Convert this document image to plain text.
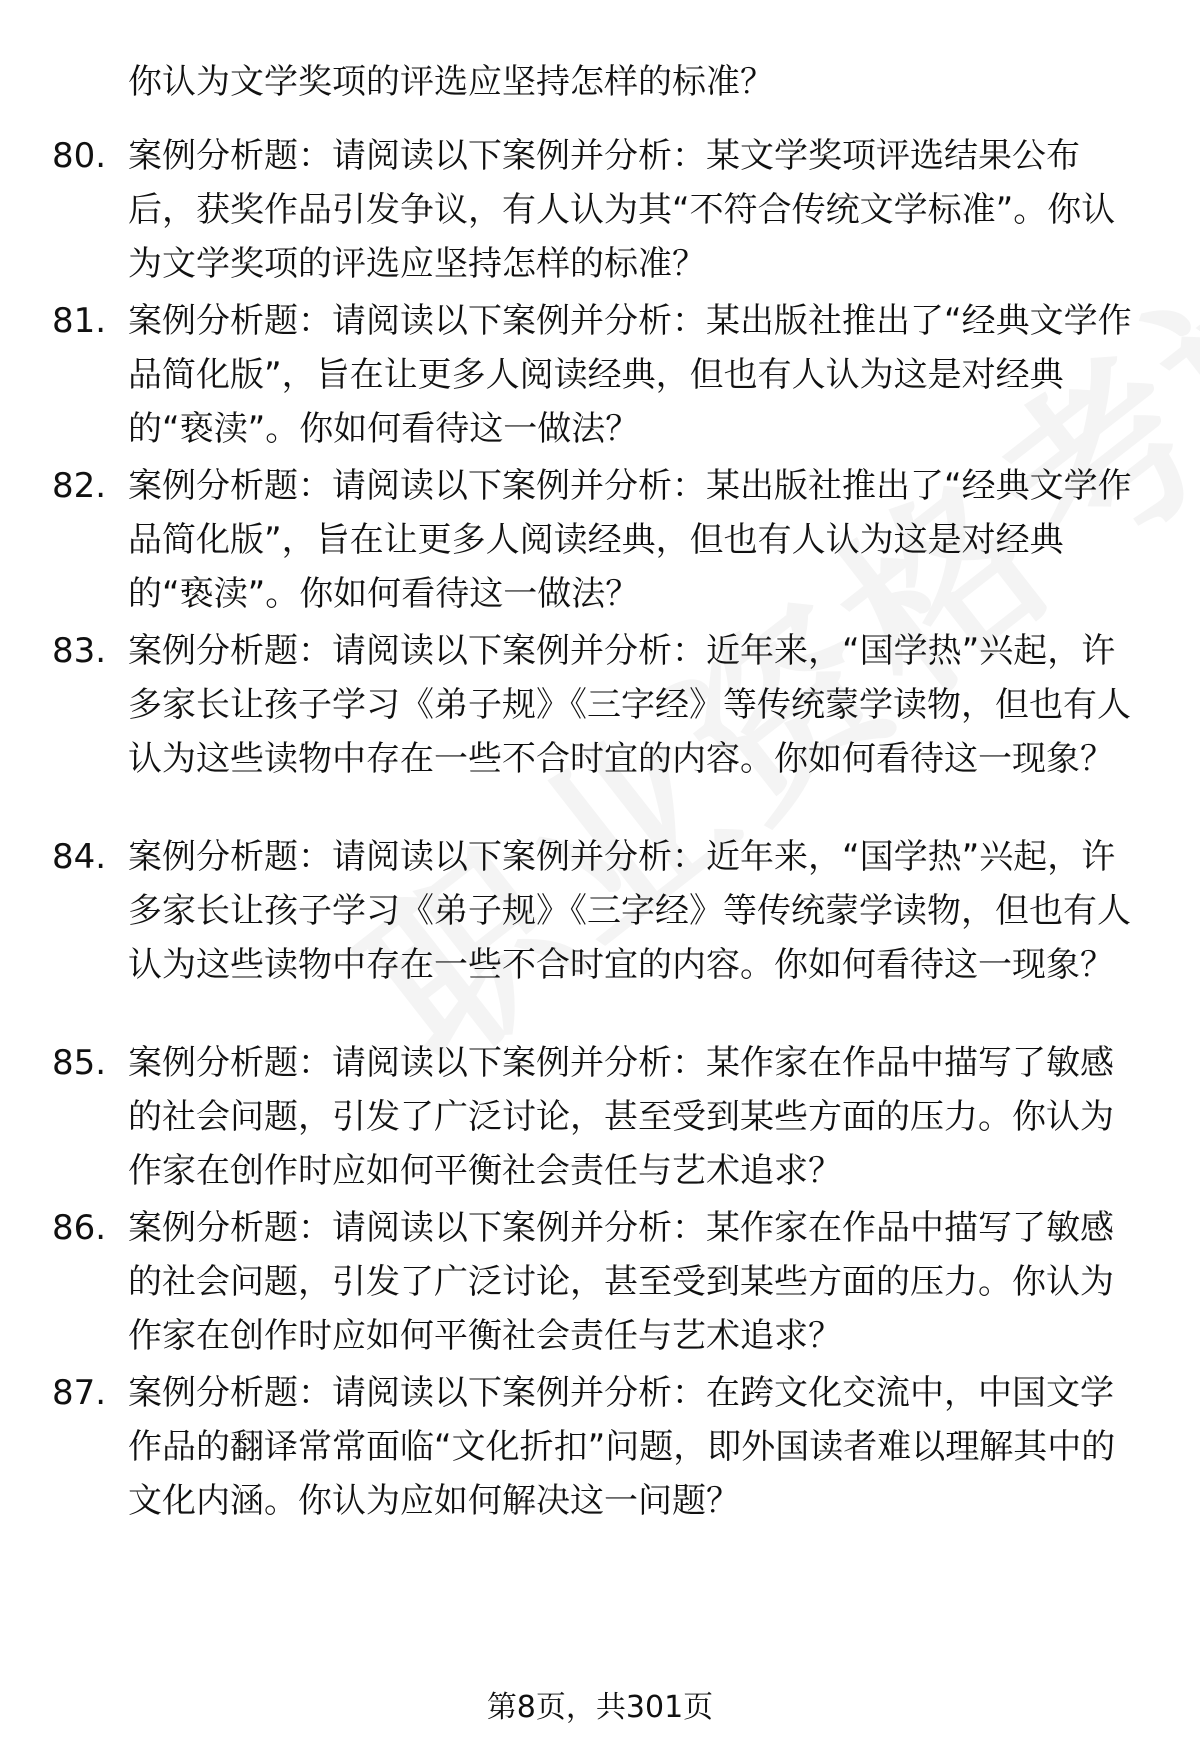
你认为文学奖项的评选应坚持怎样的标准？
80. 案例分析题：请阅读以下案例并分析：某文学奖项评选结果公布后，获奖作品引发争议，有人认为其“不符合传统文学标准”。你认为文学奖项的评选应坚持怎样的标准？
81. 案例分析题：请阅读以下案例并分析：某出版社推出了“经典文学作品简化版”，旨在让更多人阅读经典，但也有人认为这是对经典的“亵渎”。你如何看待这一做法？
82. 案例分析题：请阅读以下案例并分析：某出版社推出了“经典文学作品简化版”，旨在让更多人阅读经典，但也有人认为这是对经典的“亵渎”。你如何看待这一做法？
83. 案例分析题：请阅读以下案例并分析：近年来，“国学热”兴起，许多家长让孩子学习《弟子规》《三字经》等传统蒙学读物，但也有人认为这些读物中存在一些不合时宜的内容。你如何看待这一现象？
84. 案例分析题：请阅读以下案例并分析：近年来，“国学热”兴起，许多家长让孩子学习《弟子规》《三字经》等传统蒙学读物，但也有人认为这些读物中存在一些不合时宜的内容。你如何看待这一现象？
85. 案例分析题：请阅读以下案例并分析：某作家在作品中描写了敏感的社会问题，引发了广泛讨论，甚至受到某些方面的压力。你认为作家在创作时应如何平衡社会责任与艺术追求？
86. 案例分析题：请阅读以下案例并分析：某作家在作品中描写了敏感的社会问题，引发了广泛讨论，甚至受到某些方面的压力。你认为作家在创作时应如何平衡社会责任与艺术追求？
87. 案例分析题：请阅读以下案例并分析：在跨文化交流中，中国文学作品的翻译常常面临“文化折扣”问题，即外国读者难以理解其中的文化内涵。你认为应如何解决这一问题？
第8页，共301页
